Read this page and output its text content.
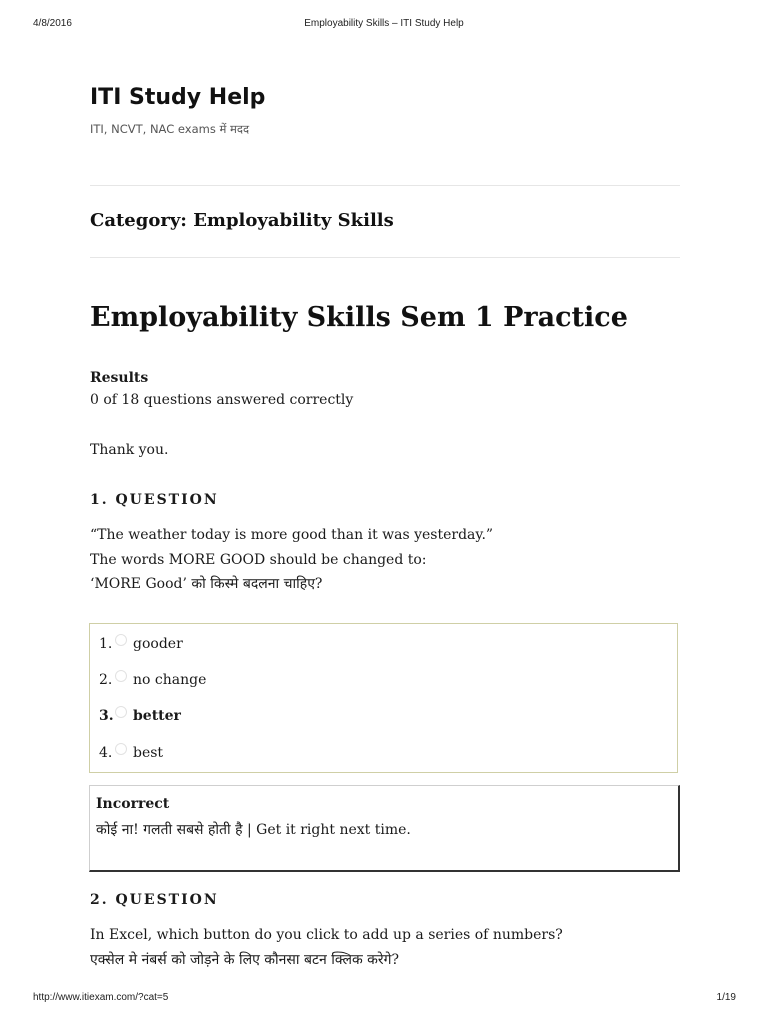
4/8/2016	Employability Skills – ITI Study Help
ITI Study Help
ITI, NCVT, NAC exams में मदद
Category: Employability Skills
Employability Skills Sem 1 Practice
Results
0 of 18 questions answered correctly
Thank you.
1. QUESTION
“The weather today is more good than it was yesterday.”
The words MORE GOOD should be changed to:
‘MORE Good’ को किस्मे बदलना चाहिए?
1. gooder
2. no change
3. better
4. best
Incorrect
कोई ना! गलती सबसे होती है | Get it right next time.
2. QUESTION
In Excel, which button do you click to add up a series of numbers?
एक्सेल मे नंबर्स को जोड़ने के लिए कौनसा बटन क्लिक करेगे?
http://www.itiexam.com/?cat=5	1/19
